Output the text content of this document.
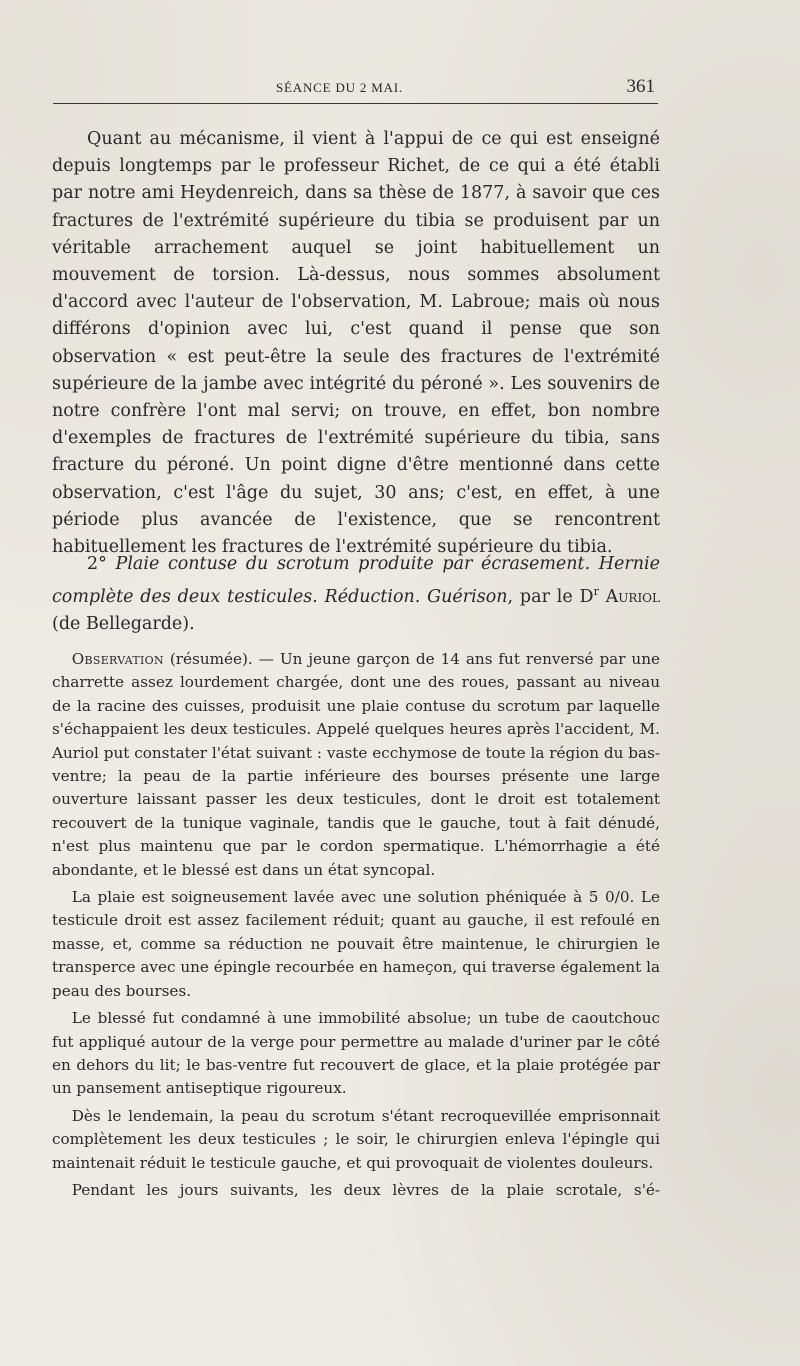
SÉANCE DU 2 MAI.	361

Quant au mécanisme, il vient à l'appui de ce qui est enseigné depuis longtemps par le professeur Richet, de ce qui a été établi par notre ami Heydenreich, dans sa thèse de 1877, à savoir que ces fractures de l'extrémité supérieure du tibia se produisent par un véritable arrachement auquel se joint habituellement un mouvement de torsion. Là-dessus, nous sommes absolument d'accord avec l'auteur de l'observation, M. Labroue; mais où nous différons d'opinion avec lui, c'est quand il pense que son observation « est peut-être la seule des fractures de l'extrémité supérieure de la jambe avec intégrité du péroné ». Les souvenirs de notre confrère l'ont mal servi; on trouve, en effet, bon nombre d'exemples de fractures de l'extrémité supérieure du tibia, sans fracture du péroné. Un point digne d'être mentionné dans cette observation, c'est l'âge du sujet, 30 ans; c'est, en effet, à une période plus avancée de l'existence, que se rencontrent habituellement les fractures de l'extrémité supérieure du tibia.

2° Plaie contuse du scrotum produite par écrasement. Hernie complète des deux testicules. Réduction. Guérison, par le $D^r$ Auriol (de Bellegarde).

Observation (résumée). — Un jeune garçon de 14 ans fut renversé par une charrette assez lourdement chargée, dont une des roues, passant au niveau de la racine des cuisses, produisit une plaie contuse du scrotum par laquelle s'échappaient les deux testicules. Appelé quelques heures après l'accident, M. Auriol put constater l'état suivant : vaste ecchymose de toute la région du bas-ventre; la peau de la partie inférieure des bourses présente une large ouverture laissant passer les deux testicules, dont le droit est totalement recouvert de la tunique vaginale, tandis que le gauche, tout à fait dénudé, n'est plus maintenu que par le cordon spermatique. L'hémorrhagie a été abondante, et le blessé est dans un état syncopal.

La plaie est soigneusement lavée avec une solution phéniquée à 5 0/0. Le testicule droit est assez facilement réduit; quant au gauche, il est refoulé en masse, et, comme sa réduction ne pouvait être maintenue, le chirurgien le transperce avec une épingle recourbée en hameçon, qui traverse également la peau des bourses.

Le blessé fut condamné à une immobilité absolue; un tube de caoutchouc fut appliqué autour de la verge pour permettre au malade d'uriner par le côté en dehors du lit; le bas-ventre fut recouvert de glace, et la plaie protégée par un pansement antiseptique rigoureux.

Dès le lendemain, la peau du scrotum s'étant recroquevillée emprisonnait complètement les deux testicules ; le soir, le chirurgien enleva l'épingle qui maintenait réduit le testicule gauche, et qui provoquait de violentes douleurs.

Pendant les jours suivants, les deux lèvres de la plaie scrotale, s'é-
